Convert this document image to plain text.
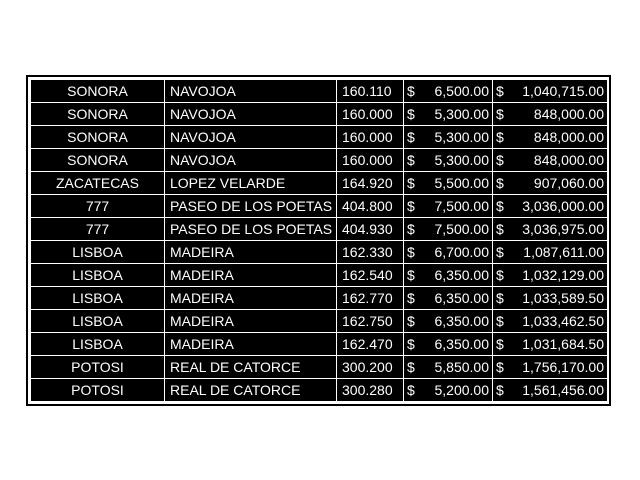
SONORA	NAVOJOA	160.110	$ 6,500.00	$ 1,040,715.00

SONORA	NAVOJOA	160.000	$ 5,300.00	$ 848,000.00

SONORA	NAVOJOA	160.000	$ 5,300.00	$ 848,000.00

SONORA	NAVOJOA	160.000	$ 5,300.00	$ 848,000.00

ZACATECAS	LOPEZ VELARDE	164.920	$ 5,500.00	$ 907,060.00

777	PASEO DE LOS POETAS	404.800	$ 7,500.00	$ 3,036,000.00

777	PASEO DE LOS POETAS	404.930	$ 7,500.00	$ 3,036,975.00

LISBOA	MADEIRA	162.330	$ 6,700.00	$ 1,087,611.00

LISBOA	MADEIRA	162.540	$ 6,350.00	$ 1,032,129.00

LISBOA	MADEIRA	162.770	$ 6,350.00	$ 1,033,589.50

LISBOA	MADEIRA	162.750	$ 6,350.00	$ 1,033,462.50

LISBOA	MADEIRA	162.470	$ 6,350.00	$ 1,031,684.50

POTOSI	REAL DE CATORCE	300.200	$ 5,850.00	$ 1,756,170.00

POTOSI	REAL DE CATORCE	300.280	$ 5,200.00	$ 1,561,456.00
